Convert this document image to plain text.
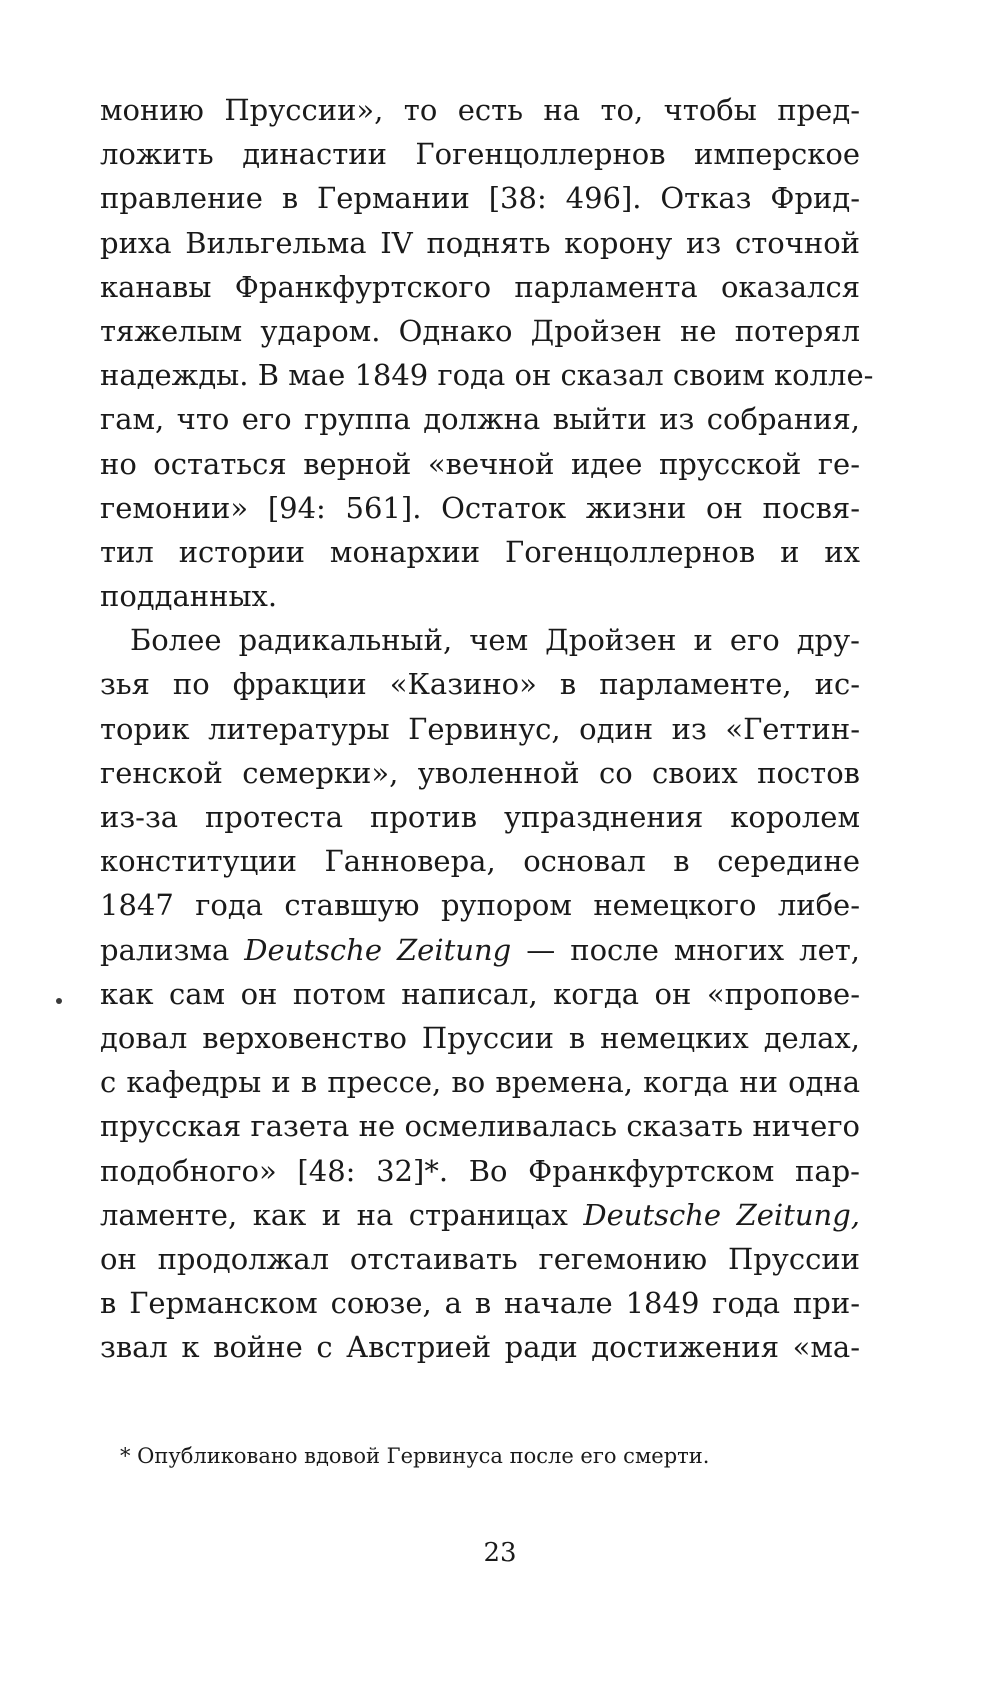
монию Пруссии», то есть на то, чтобы пред-
ложить династии Гогенцоллернов имперское
правление в Германии [38: 496]. Отказ Фрид-
риха Вильгельма IV поднять корону из сточной
канавы Франкфуртского парламента оказался
тяжелым ударом. Однако Дройзен не потерял
надежды. В мае 1849 года он сказал своим колле-
гам, что его группа должна выйти из собрания,
но остаться верной «вечной идее прусской ге-
гемонии» [94: 561]. Остаток жизни он посвя-
тил истории монархии Гогенцоллернов и их
подданных.
Более радикальный, чем Дройзен и его дру-
зья по фракции «Казино» в парламенте, ис-
торик литературы Гервинус, один из «Геттин-
генской семерки», уволенной со своих постов
из-за протеста против упразднения королем
конституции Ганновера, основал в середине
1847 года ставшую рупором немецкого либе-
рализма Deutsche Zeitung — после многих лет,
как сам он потом написал, когда он «пропове-
довал верховенство Пруссии в немецких делах,
с кафедры и в прессе, во времена, когда ни одна
прусская газета не осмеливалась сказать ничего
подобного» [48: 32]*. Во Франкфуртском пар-
ламенте, как и на страницах Deutsche Zeitung,
он продолжал отстаивать гегемонию Пруссии
в Германском союзе, а в начале 1849 года при-
звал к войне с Австрией ради достижения «ма-
* Опубликовано вдовой Гервинуса после его смерти.
23
